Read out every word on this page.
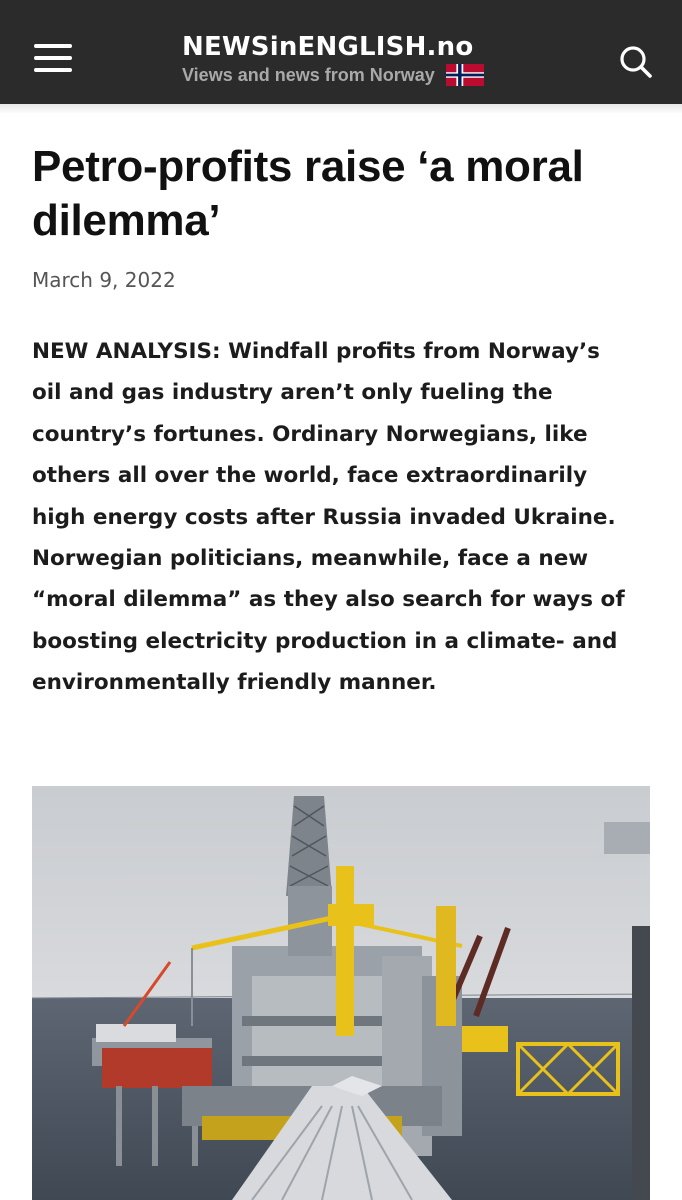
NEWSinENGLISH.no
Views and news from Norway
Petro-profits raise ‘a moral dilemma’
March 9, 2022

NEW ANALYSIS: Windfall profits from Norway’s oil and gas industry aren’t only fueling the country’s fortunes. Ordinary Norwegians, like others all over the world, face extraordinarily high energy costs after Russia invaded Ukraine. Norwegian politicians, meanwhile, face a new “moral dilemma” as they also search for ways of boosting electricity production in a climate- and environmentally friendly manner.
